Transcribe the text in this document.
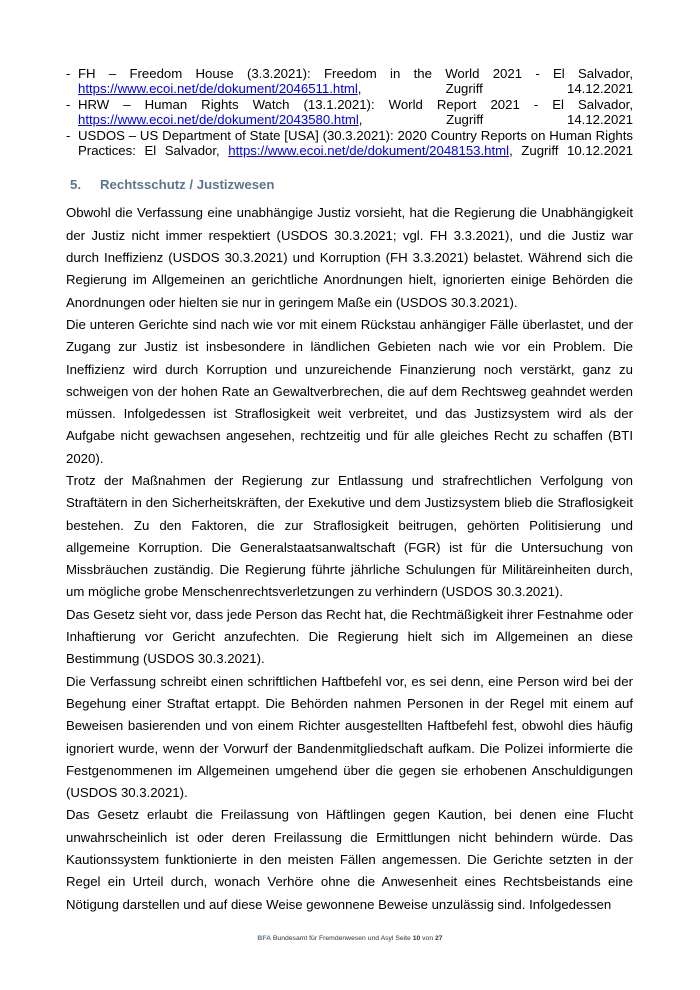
- FH – Freedom House (3.3.2021): Freedom in the World 2021 - El Salvador, https://www.ecoi.net/de/dokument/2046511.html, Zugriff 14.12.2021
- HRW – Human Rights Watch (13.1.2021): World Report 2021 - El Salvador, https://www.ecoi.net/de/dokument/2043580.html, Zugriff 14.12.2021
- USDOS – US Department of State [USA] (30.3.2021): 2020 Country Reports on Human Rights Practices: El Salvador, https://www.ecoi.net/de/dokument/2048153.html, Zugriff 10.12.2021
5.	Rechtsschutz / Justizwesen

Obwohl die Verfassung eine unabhängige Justiz vorsieht, hat die Regierung die Unabhängigkeit der Justiz nicht immer respektiert (USDOS 30.3.2021; vgl. FH 3.3.2021), und die Justiz war durch Ineffizienz (USDOS 30.3.2021) und Korruption (FH 3.3.2021) belastet. Während sich die Regierung im Allgemeinen an gerichtliche Anordnungen hielt, ignorierten einige Behörden die Anordnungen oder hielten sie nur in geringem Maße ein (USDOS 30.3.2021).

Die unteren Gerichte sind nach wie vor mit einem Rückstau anhängiger Fälle überlastet, und der Zugang zur Justiz ist insbesondere in ländlichen Gebieten nach wie vor ein Problem. Die Ineffizienz wird durch Korruption und unzureichende Finanzierung noch verstärkt, ganz zu schweigen von der hohen Rate an Gewaltverbrechen, die auf dem Rechtsweg geahndet werden müssen. Infolgedessen ist Straflosigkeit weit verbreitet, und das Justizsystem wird als der Aufgabe nicht gewachsen angesehen, rechtzeitig und für alle gleiches Recht zu schaffen (BTI 2020).

Trotz der Maßnahmen der Regierung zur Entlassung und strafrechtlichen Verfolgung von Straftätern in den Sicherheitskräften, der Exekutive und dem Justizsystem blieb die Straflosigkeit bestehen. Zu den Faktoren, die zur Straflosigkeit beitrugen, gehörten Politisierung und allgemeine Korruption. Die Generalstaatsanwaltschaft (FGR) ist für die Untersuchung von Missbräuchen zuständig. Die Regierung führte jährliche Schulungen für Militäreinheiten durch, um mögliche grobe Menschenrechtsverletzungen zu verhindern (USDOS 30.3.2021).

Das Gesetz sieht vor, dass jede Person das Recht hat, die Rechtmäßigkeit ihrer Festnahme oder Inhaftierung vor Gericht anzufechten. Die Regierung hielt sich im Allgemeinen an diese Bestimmung (USDOS 30.3.2021).

Die Verfassung schreibt einen schriftlichen Haftbefehl vor, es sei denn, eine Person wird bei der Begehung einer Straftat ertappt. Die Behörden nahmen Personen in der Regel mit einem auf Beweisen basierenden und von einem Richter ausgestellten Haftbefehl fest, obwohl dies häufig ignoriert wurde, wenn der Vorwurf der Bandenmitgliedschaft aufkam. Die Polizei informierte die Festgenommenen im Allgemeinen umgehend über die gegen sie erhobenen Anschuldigungen (USDOS 30.3.2021).

Das Gesetz erlaubt die Freilassung von Häftlingen gegen Kaution, bei denen eine Flucht unwahrscheinlich ist oder deren Freilassung die Ermittlungen nicht behindern würde. Das Kautionssystem funktionierte in den meisten Fällen angemessen. Die Gerichte setzten in der Regel ein Urteil durch, wonach Verhöre ohne die Anwesenheit eines Rechtsbeistands eine Nötigung darstellen und auf diese Weise gewonnene Beweise unzulässig sind. Infolgedessen

BFA Bundesamt für Fremdenwesen und Asyl Seite 10 von 27
